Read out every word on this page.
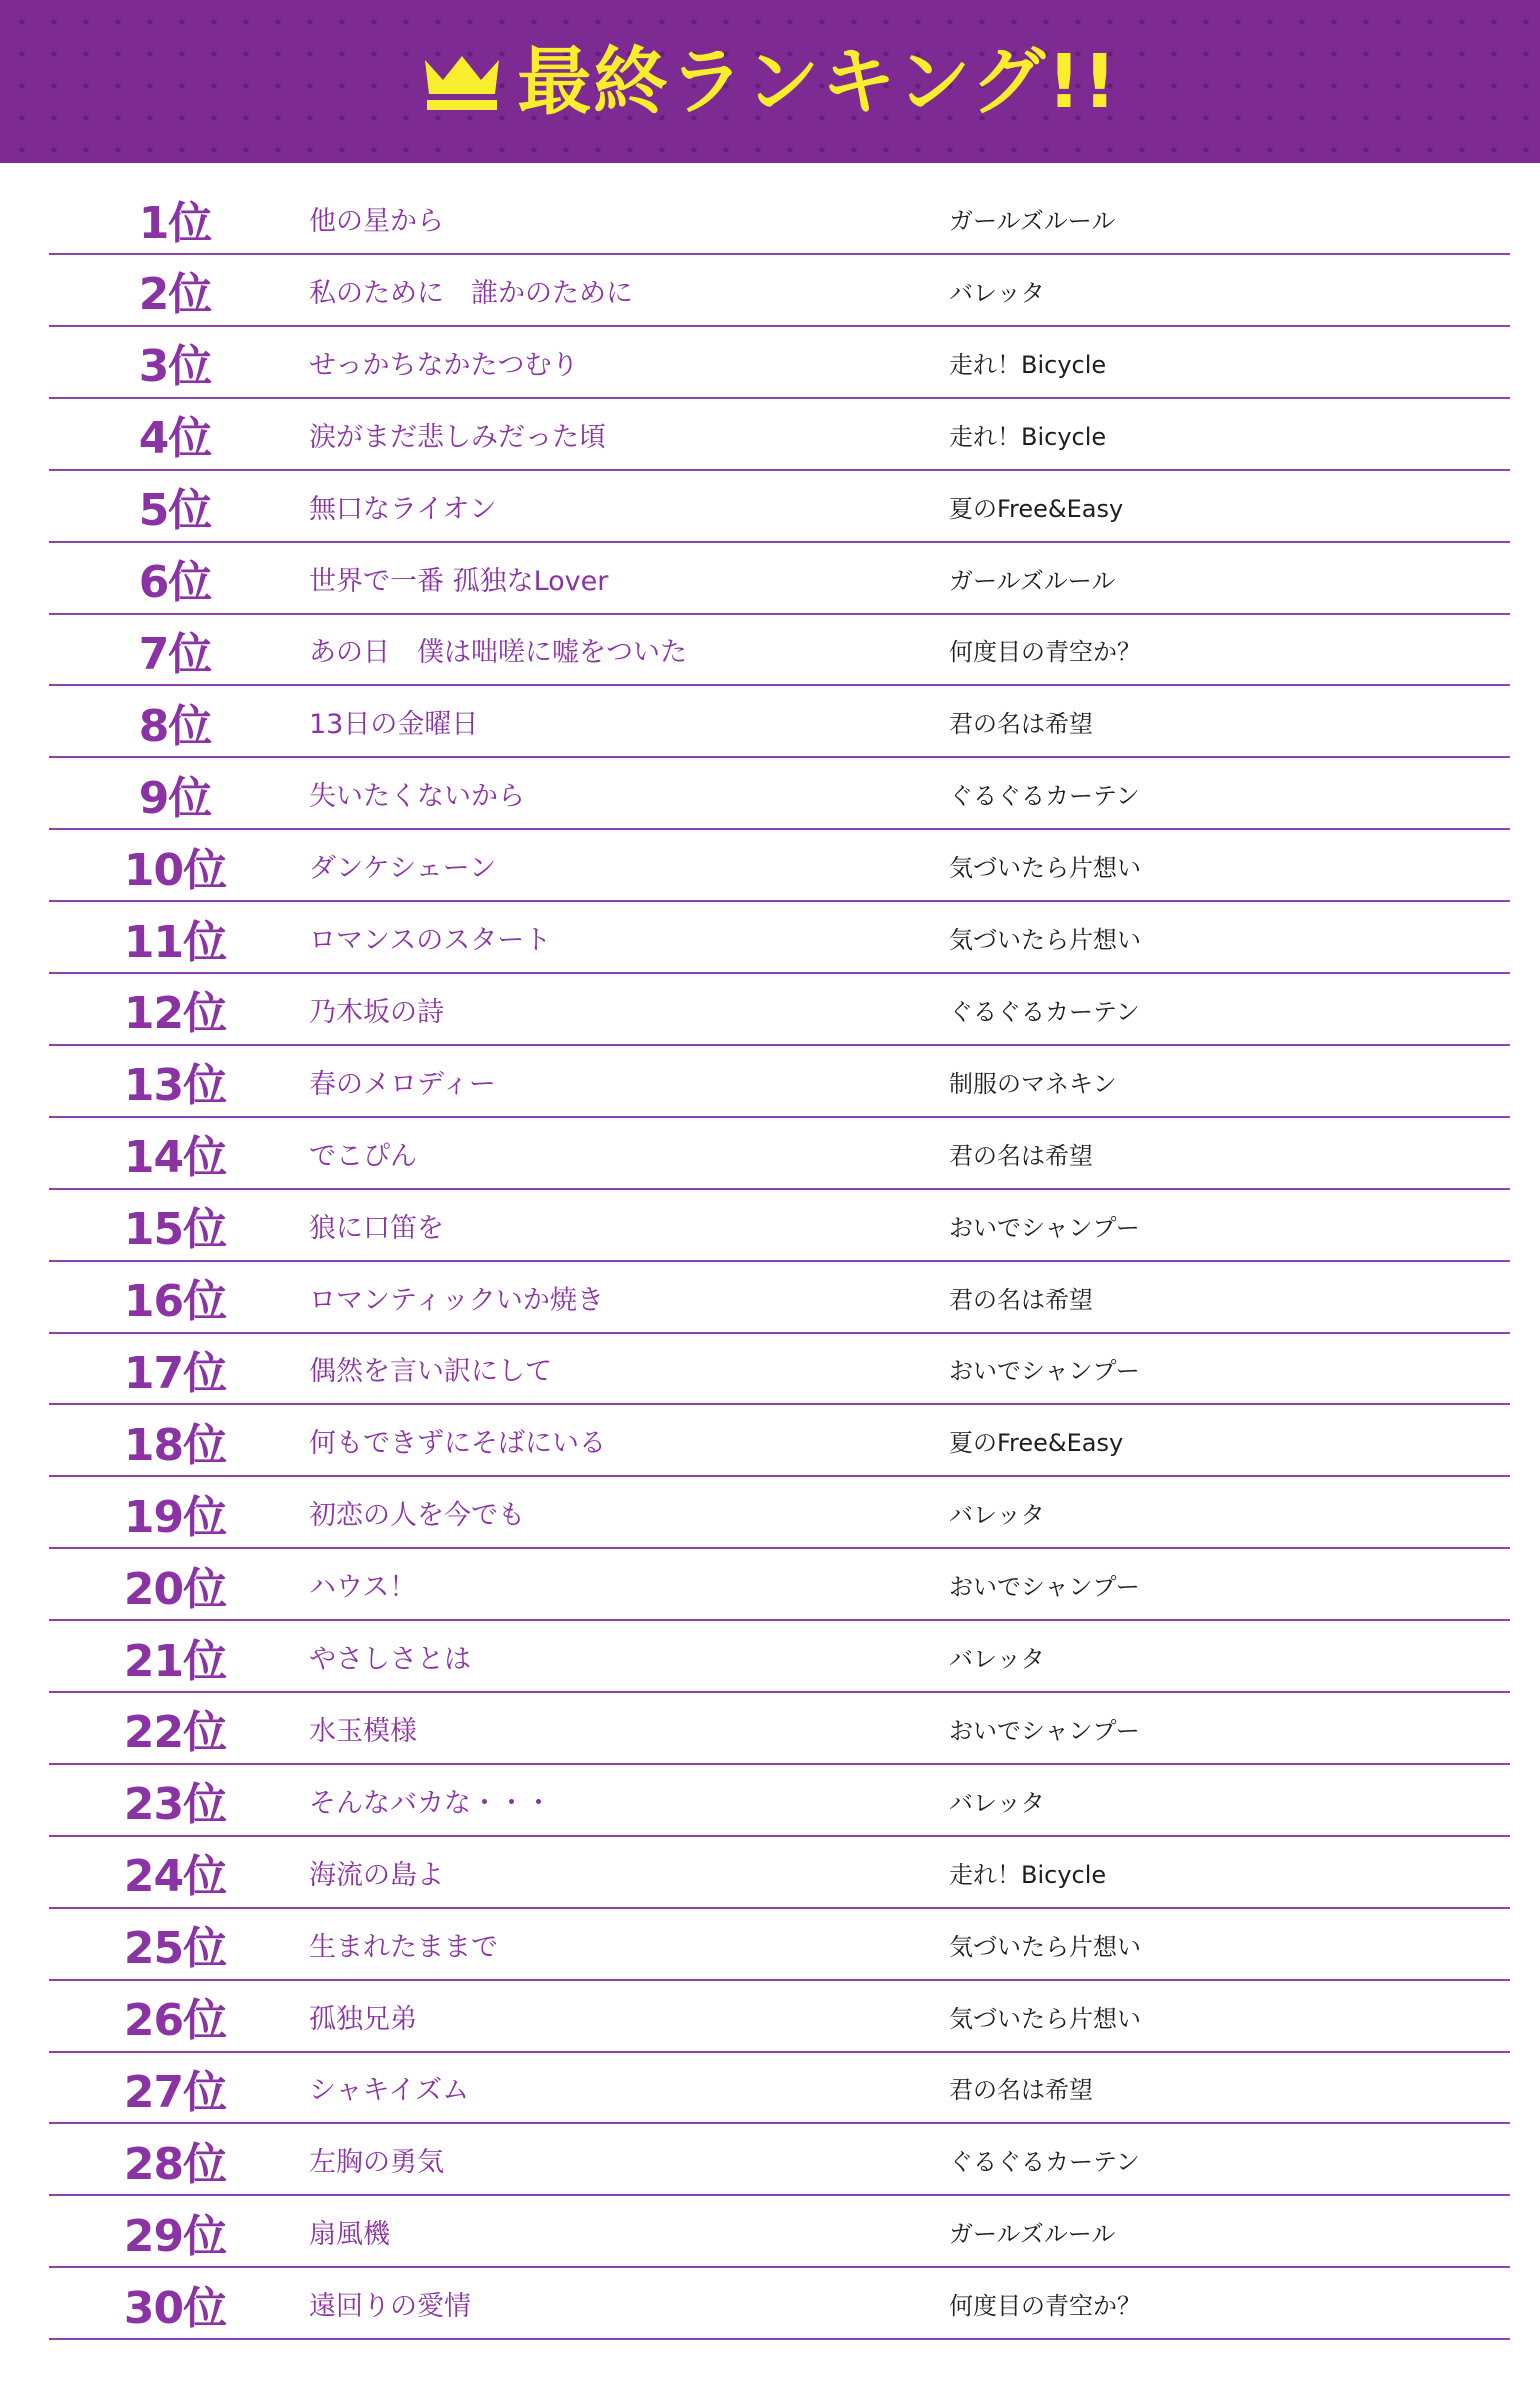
最終ランキング!!
1位	他の星から	ガールズルール
2位	私のために　誰かのために	バレッタ
3位	せっかちなかたつむり	走れ！Bicycle
4位	涙がまだ悲しみだった頃	走れ！Bicycle
5位	無口なライオン	夏のFree&Easy
6位	世界で一番 孤独なLover	ガールズルール
7位	あの日　僕は咄嗟に嘘をついた	何度目の青空か？
8位	13日の金曜日	君の名は希望
9位	失いたくないから	ぐるぐるカーテン
10位	ダンケシェーン	気づいたら片想い
11位	ロマンスのスタート	気づいたら片想い
12位	乃木坂の詩	ぐるぐるカーテン
13位	春のメロディー	制服のマネキン
14位	でこぴん	君の名は希望
15位	狼に口笛を	おいでシャンプー
16位	ロマンティックいか焼き	君の名は希望
17位	偶然を言い訳にして	おいでシャンプー
18位	何もできずにそばにいる	夏のFree&Easy
19位	初恋の人を今でも	バレッタ
20位	ハウス！	おいでシャンプー
21位	やさしさとは	バレッタ
22位	水玉模様	おいでシャンプー
23位	そんなバカな・・・	バレッタ
24位	海流の島よ	走れ！Bicycle
25位	生まれたままで	気づいたら片想い
26位	孤独兄弟	気づいたら片想い
27位	シャキイズム	君の名は希望
28位	左胸の勇気	ぐるぐるカーテン
29位	扇風機	ガールズルール
30位	遠回りの愛情	何度目の青空か？
